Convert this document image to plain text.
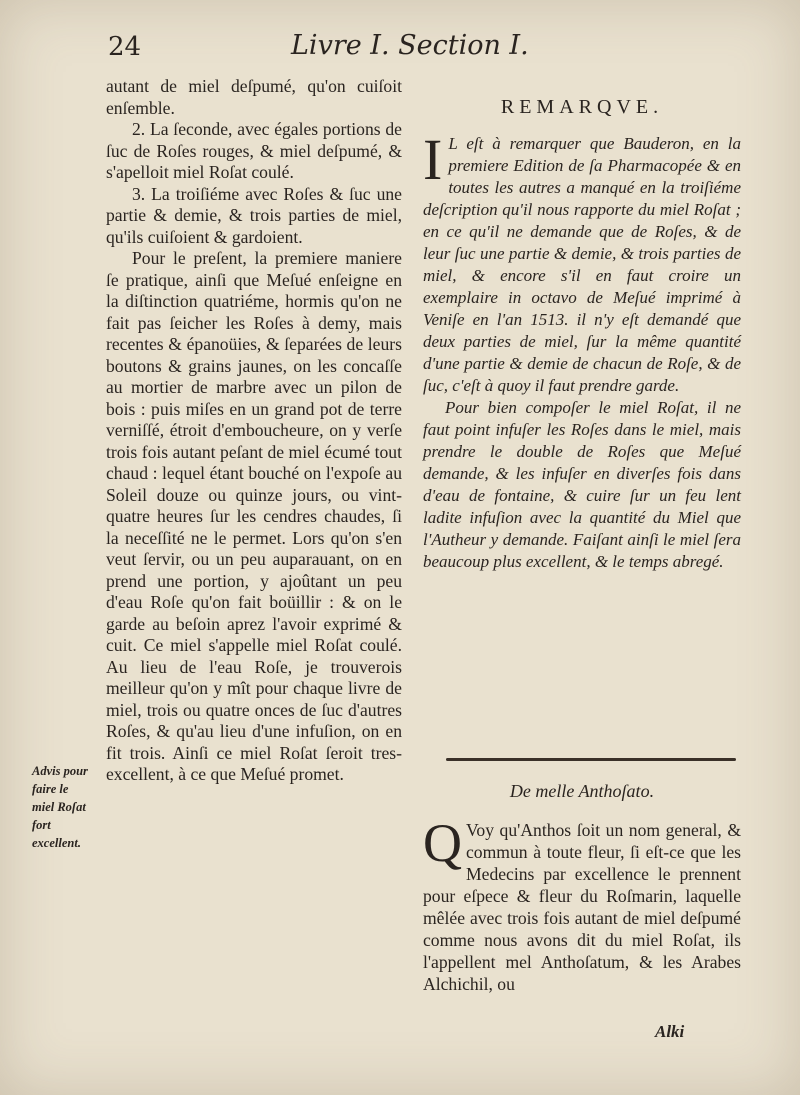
24	Livre I. Section I.

autant de miel deſpumé, qu'on cuiſoit enſemble.

2. La ſeconde, avec égales portions de ſuc de Roſes rouges, & miel deſpumé, & s'apelloit miel Roſat coulé.

3. La troiſiéme avec Roſes & ſuc une partie & demie, & trois parties de miel, qu'ils cuiſoient & gardoient.

Pour le preſent, la premiere maniere ſe pratique, ainſi que Meſué enſeigne en la diſtinction quatriéme, hormis qu'on ne fait pas ſeicher les Roſes à demy, mais recentes & épanoüies, & ſeparées de leurs boutons & grains jaunes, on les concaſſe au mortier de marbre avec un pilon de bois : puis miſes en un grand pot de terre verniſſé, étroit d'embouchеure, on y verſe trois fois autant peſant de miel écumé tout chaud : lequel étant bouché on l'expoſe au Soleil douze ou quinze jours, ou vint-quatre heures ſur les cendres chaudes, ſi la neceſſité ne le permet. Lors qu'on s'en veut ſervir, ou un peu auparauant, on en prend une portion, y ajoûtant un peu d'eau Roſe qu'on fait boüillir : & on le garde au beſoin aprez l'avoir exprimé & cuit. Ce miel s'appelle miel Roſat coulé. Au lieu de l'eau Roſe, je trouverois meilleur qu'on y mît pour chaque livre de miel, trois ou quatre onces de ſuc d'autres Roſes, & qu'au lieu d'une infuſion, on en fit trois. Ainſi ce miel Roſat ſeroit tres-excellent, à ce que Meſué promet.

Advis pour faire le miel Roſat fort excellent.
REMARQVE.

I L eſt à remarquer que Bauderon, en la premiere Edition de ſa Pharmacopée & en toutes les autres a manqué en la troiſiéme deſcription qu'il nous rapporte du miel Roſat ; en ce qu'il ne demande que de Roſes, & de leur ſuc une partie & demie, & trois parties de miel, & encore s'il en faut croire un exemplaire in octavo de Meſué imprimé à Veniſe en l'an 1513. il n'y eſt demandé que deux parties de miel, ſur la même quantité d'une partie & demie de chacun de Roſe, & de ſuc, c'eſt à quoy il faut prendre garde.

Pour bien compoſer le miel Roſat, il ne faut point infuſer les Roſes dans le miel, mais prendre le double de Roſes que Meſué demande, & les infuſer en diverſes fois dans d'eau de fontaine, & cuire ſur un feu lent ladite infuſion avec la quantité du Miel que l'Autheur y demande. Faiſant ainſi le miel ſera beaucoup plus excellent, & le temps abregé.

De melle Anthoſato.

Q Voy qu'Anthos ſoit un nom general, & commun à toute fleur, ſi eſt-ce que les Medecins par excellence le prennent pour eſpece & fleur du Roſmarin, laquelle mêlée avec trois fois autant de miel deſpumé comme nous avons dit du miel Roſat, ils l'appellent mel Anthoſatum, & les Arabes Alchichil, ou

Alki
